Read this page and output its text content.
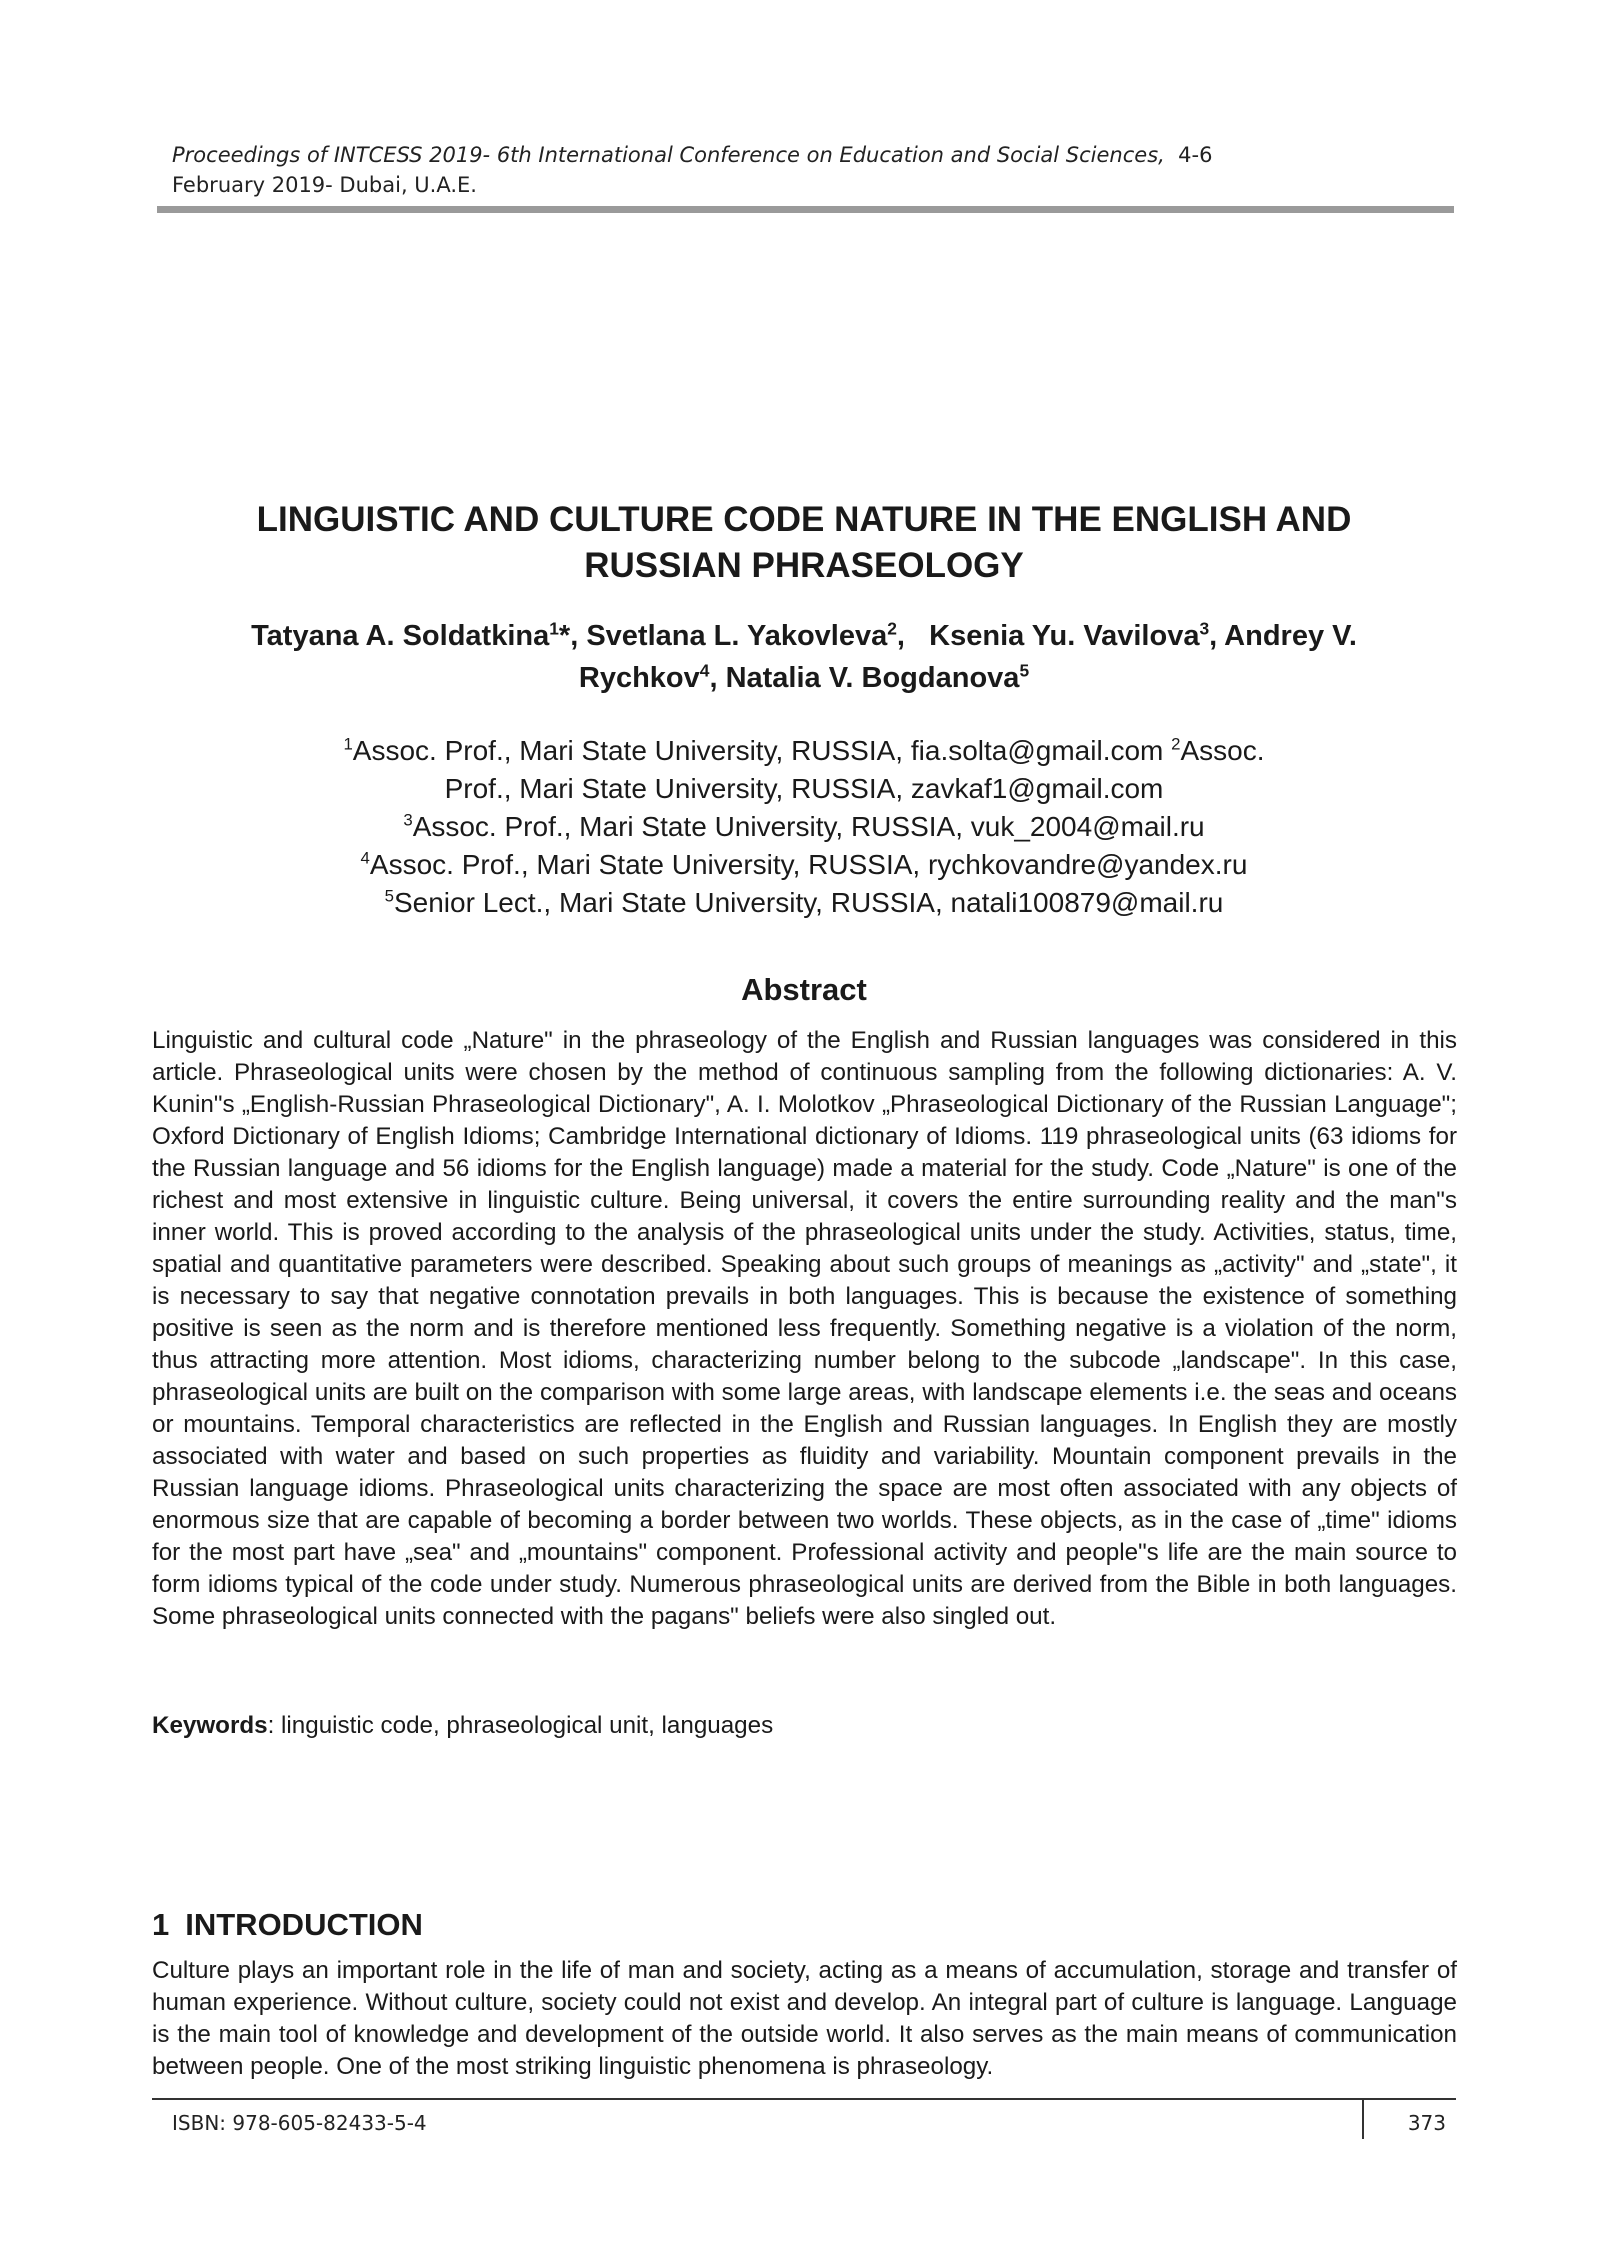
Proceedings of INTCESS 2019- 6th International Conference on Education and Social Sciences, 4-6
February 2019- Dubai, U.A.E.
LINGUISTIC AND CULTURE CODE NATURE IN THE ENGLISH AND
RUSSIAN PHRASEOLOGY
Tatyana A. Soldatkina$^1$*, Svetlana L. Yakovleva$^2$,   Ksenia Yu. Vavilova$^3$, Andrey V.
Rychkov$^4$, Natalia V. Bogdanova$^5$
$^1$Assoc. Prof., Mari State University, RUSSIA, fia.solta@gmail.com $^2$Assoc.
Prof., Mari State University, RUSSIA, zavkaf1@gmail.com
$^3$Assoc. Prof., Mari State University, RUSSIA, vuk_2004@mail.ru
$^4$Assoc. Prof., Mari State University, RUSSIA, rychkovandre@yandex.ru
$^5$Senior Lect., Mari State University, RUSSIA, natali100879@mail.ru
Abstract
Linguistic and cultural code „Nature" in the phraseology of the English and Russian languages was considered in this article. Phraseological units were chosen by the method of continuous sampling from the following dictionaries: A. V. Kunin"s „English-Russian Phraseological Dictionary", A. I. Molotkov „Phraseological Dictionary of the Russian Language"; Oxford Dictionary of English Idioms; Cambridge International dictionary of Idioms. 119 phraseological units (63 idioms for the Russian language and 56 idioms for the English language) made a material for the study. Code „Nature" is one of the richest and most extensive in linguistic culture. Being universal, it covers the entire surrounding reality and the man"s inner world. This is proved according to the analysis of the phraseological units under the study. Activities, status, time, spatial and quantitative parameters were described. Speaking about such groups of meanings as „activity" and „state", it is necessary to say that negative connotation prevails in both languages. This is because the existence of something positive is seen as the norm and is therefore mentioned less frequently. Something negative is a violation of the norm, thus attracting more attention. Most idioms, characterizing number belong to the subcode „landscape". In this case, phraseological units are built on the comparison with some large areas, with landscape elements i.e. the seas and oceans or mountains. Temporal characteristics are reflected in the English and Russian languages. In English they are mostly associated with water and based on such properties as fluidity and variability. Mountain component prevails in the Russian language idioms. Phraseological units characterizing the space are most often associated with any objects of enormous size that are capable of becoming a border between two worlds. These objects, as in the case of „time" idioms for the most part have „sea" and „mountains" component. Professional activity and people"s life are the main source to form idioms typical of the code under study. Numerous phraseological units are derived from the Bible in both languages. Some phraseological units connected with the pagans" beliefs were also singled out.
Keywords: linguistic code, phraseological unit, languages
1 INTRODUCTION
Culture plays an important role in the life of man and society, acting as a means of accumulation, storage and transfer of human experience. Without culture, society could not exist and develop. An integral part of culture is language. Language is the main tool of knowledge and development of the outside world. It also serves as the main means of communication between people. One of the most striking linguistic phenomena is phraseology.
ISBN: 978-605-82433-5-4	373
